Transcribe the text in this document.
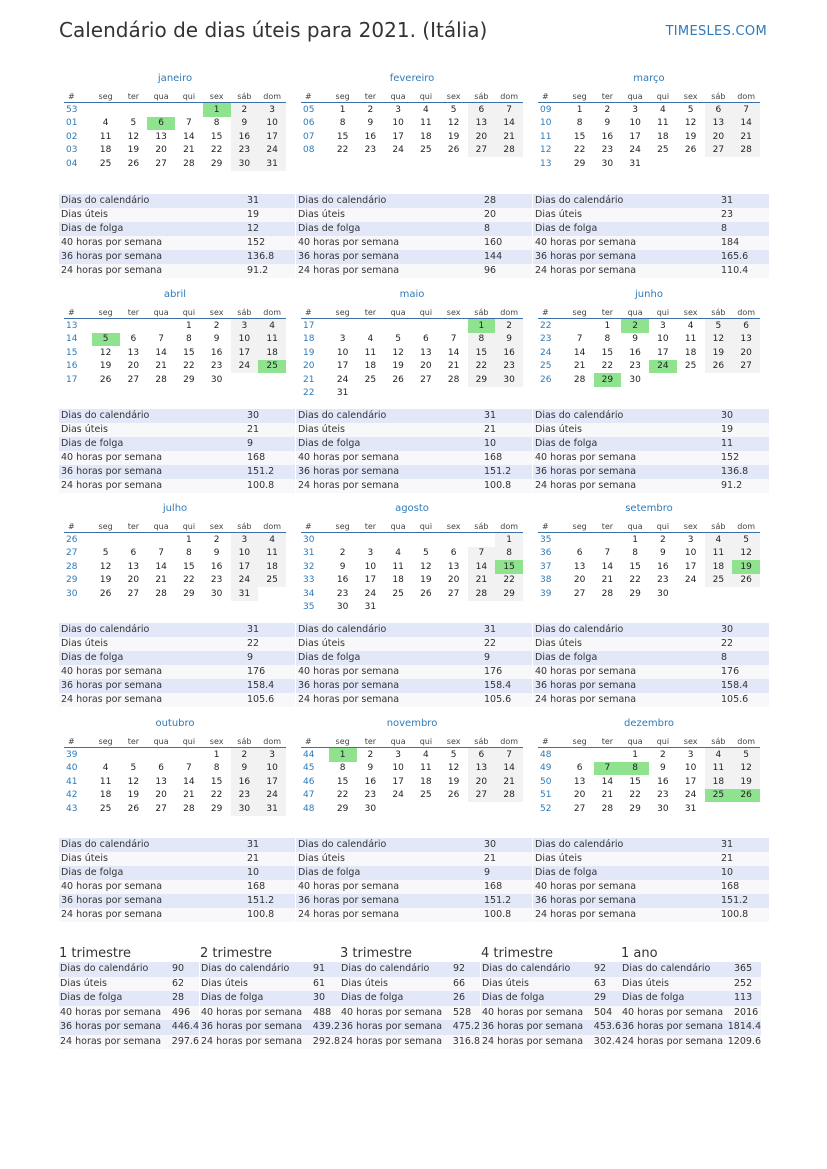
Calendário de dias úteis para 2021. (Itália)	TIMESLES.COM
janeiro
#	seg	ter	qua	qui	sex	sáb	dom
53					1	2	3
01	4	5	6	7	8	9	10
02	11	12	13	14	15	16	17
03	18	19	20	21	22	23	24
04	25	26	27	28	29	30	31
Dias do calendário	31
Dias úteis	19
Dias de folga	12
40 horas por semana	152
36 horas por semana	136.8
24 horas por semana	91.2
fevereiro
#	seg	ter	qua	qui	sex	sáb	dom
05	1	2	3	4	5	6	7
06	8	9	10	11	12	13	14
07	15	16	17	18	19	20	21
08	22	23	24	25	26	27	28
Dias do calendário	28
Dias úteis	20
Dias de folga	8
40 horas por semana	160
36 horas por semana	144
24 horas por semana	96
março
#	seg	ter	qua	qui	sex	sáb	dom
09	1	2	3	4	5	6	7
10	8	9	10	11	12	13	14
11	15	16	17	18	19	20	21
12	22	23	24	25	26	27	28
13	29	30	31				
Dias do calendário	31
Dias úteis	23
Dias de folga	8
40 horas por semana	184
36 horas por semana	165.6
24 horas por semana	110.4
abril
#	seg	ter	qua	qui	sex	sáb	dom
13				1	2	3	4
14	5	6	7	8	9	10	11
15	12	13	14	15	16	17	18
16	19	20	21	22	23	24	25
17	26	27	28	29	30		
Dias do calendário	30
Dias úteis	21
Dias de folga	9
40 horas por semana	168
36 horas por semana	151.2
24 horas por semana	100.8
maio
#	seg	ter	qua	qui	sex	sáb	dom
17						1	2
18	3	4	5	6	7	8	9
19	10	11	12	13	14	15	16
20	17	18	19	20	21	22	23
21	24	25	26	27	28	29	30
22	31						
Dias do calendário	31
Dias úteis	21
Dias de folga	10
40 horas por semana	168
36 horas por semana	151.2
24 horas por semana	100.8
junho
#	seg	ter	qua	qui	sex	sáb	dom
22		1	2	3	4	5	6
23	7	8	9	10	11	12	13
24	14	15	16	17	18	19	20
25	21	22	23	24	25	26	27
26	28	29	30				
Dias do calendário	30
Dias úteis	19
Dias de folga	11
40 horas por semana	152
36 horas por semana	136.8
24 horas por semana	91.2
julho
#	seg	ter	qua	qui	sex	sáb	dom
26				1	2	3	4
27	5	6	7	8	9	10	11
28	12	13	14	15	16	17	18
29	19	20	21	22	23	24	25
30	26	27	28	29	30	31	
Dias do calendário	31
Dias úteis	22
Dias de folga	9
40 horas por semana	176
36 horas por semana	158.4
24 horas por semana	105.6
agosto
#	seg	ter	qua	qui	sex	sáb	dom
30							1
31	2	3	4	5	6	7	8
32	9	10	11	12	13	14	15
33	16	17	18	19	20	21	22
34	23	24	25	26	27	28	29
35	30	31					
Dias do calendário	31
Dias úteis	22
Dias de folga	9
40 horas por semana	176
36 horas por semana	158.4
24 horas por semana	105.6
setembro
#	seg	ter	qua	qui	sex	sáb	dom
35			1	2	3	4	5
36	6	7	8	9	10	11	12
37	13	14	15	16	17	18	19
38	20	21	22	23	24	25	26
39	27	28	29	30			
Dias do calendário	30
Dias úteis	22
Dias de folga	8
40 horas por semana	176
36 horas por semana	158.4
24 horas por semana	105.6
outubro
#	seg	ter	qua	qui	sex	sáb	dom
39					1	2	3
40	4	5	6	7	8	9	10
41	11	12	13	14	15	16	17
42	18	19	20	21	22	23	24
43	25	26	27	28	29	30	31
Dias do calendário	31
Dias úteis	21
Dias de folga	10
40 horas por semana	168
36 horas por semana	151.2
24 horas por semana	100.8
novembro
#	seg	ter	qua	qui	sex	sáb	dom
44	1	2	3	4	5	6	7
45	8	9	10	11	12	13	14
46	15	16	17	18	19	20	21
47	22	23	24	25	26	27	28
48	29	30					
Dias do calendário	30
Dias úteis	21
Dias de folga	9
40 horas por semana	168
36 horas por semana	151.2
24 horas por semana	100.8
dezembro
#	seg	ter	qua	qui	sex	sáb	dom
48			1	2	3	4	5
49	6	7	8	9	10	11	12
50	13	14	15	16	17	18	19
51	20	21	22	23	24	25	26
52	27	28	29	30	31		
Dias do calendário	31
Dias úteis	21
Dias de folga	10
40 horas por semana	168
36 horas por semana	151.2
24 horas por semana	100.8
1 trimestre
Dias do calendário	90
Dias úteis	62
Dias de folga	28
40 horas por semana	496
36 horas por semana	446.4
24 horas por semana	297.6
2 trimestre
Dias do calendário	91
Dias úteis	61
Dias de folga	30
40 horas por semana	488
36 horas por semana	439.2
24 horas por semana	292.8
3 trimestre
Dias do calendário	92
Dias úteis	66
Dias de folga	26
40 horas por semana	528
36 horas por semana	475.2
24 horas por semana	316.8
4 trimestre
Dias do calendário	92
Dias úteis	63
Dias de folga	29
40 horas por semana	504
36 horas por semana	453.6
24 horas por semana	302.4
1 ano
Dias do calendário	365
Dias úteis	252
Dias de folga	113
40 horas por semana	2016
36 horas por semana 1814.4
24 horas por semana 1209.6
